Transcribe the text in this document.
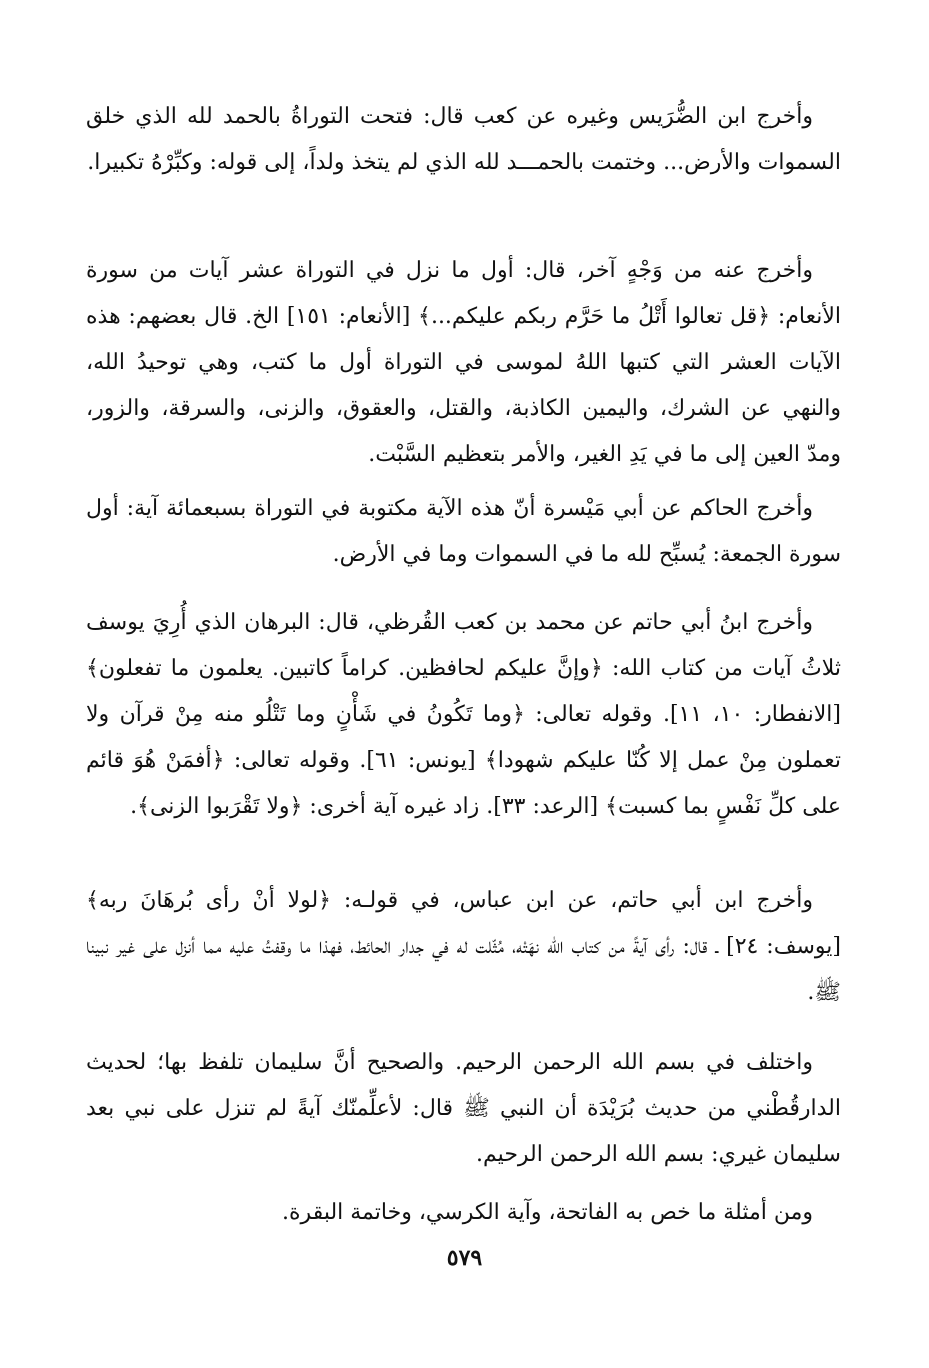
وأخرج ابن الضُّرَيس وغيره عن كعب قال: فتحت التوراةُ بالحمد لله الذي خلق السموات والأرض... وختمت بالحمـــد لله الذي لم يتخذ ولداً، إلى قوله: وكبِّرْهُ تكبيرا.

وأخرج عنه من وَجْهٍ آخر، قال: أول ما نزل في التوراة عشر آيات من سورة الأنعام: ﴿قل تعالوا أَتْلُ ما حَرَّم ربكم عليكم...﴾ [الأنعام: ١٥١] الخ. قال بعضهم: هذه الآيات العشر التي كتبها اللهُ لموسى في التوراة أول ما كتب، وهي توحيدُ الله، والنهي عن الشرك، واليمين الكاذبة، والقتل، والعقوق، والزنى، والسرقة، والزور، ومدّ العين إلى ما في يَدِ الغير، والأمر بتعظيم السَّبْت.

وأخرج الحاكم عن أبي مَيْسرة أنّ هذه الآية مكتوبة في التوراة بسبعمائة آية: أول سورة الجمعة: يُسبِّح لله ما في السموات وما في الأرض.

وأخرج ابنُ أبي حاتم عن محمد بن كعب القُرظي، قال: البرهان الذي أُرِيَ يوسف ثلاثُ آيات من كتاب الله: ﴿وإنَّ عليكم لحافظين. كراماً كاتبين. يعلمون ما تفعلون﴾ [الانفطار: ١٠، ١١]. وقوله تعالى: ﴿وما تَكُونُ في شَأْنٍ وما تَتْلُو منه مِنْ قرآن ولا تعملون مِنْ عمل إلا كُنّا عليكم شهودا﴾ [يونس: ٦١]. وقوله تعالى: ﴿أفمَنْ هُوَ قائم على كلِّ نَفْسٍ بما كسبت﴾ [الرعد: ٣٣]. زاد غيره آية أخرى: ﴿ولا تَقْرَبوا الزنى﴾.

وأخرج ابن أبي حاتم، عن ابن عباس، في قولـه: ﴿لولا أنْ رأى بُرهَانَ ربه﴾ [يوسف: ٢٤] ـ قال: رأى آيةً من كتاب الله نهَتْه، مُثّلت له في جدار الحائط، فهذا ما وقفتُ عليه مما أنزل على غير نبينا ﷺ.

واختلف في بسم الله الرحمن الرحيم. والصحيح أنَّ سليمان تلفظ بها؛ لحديث الدارقُطْني من حديث بُرَيْدَة أن النبي ﷺ قال: لأعلِّمنّك آيةً لم تنزل على نبي بعد سليمان غيري: بسم الله الرحمن الرحيم.

ومن أمثلة ما خص به الفاتحة، وآية الكرسي، وخاتمة البقرة.

٥٧٩
